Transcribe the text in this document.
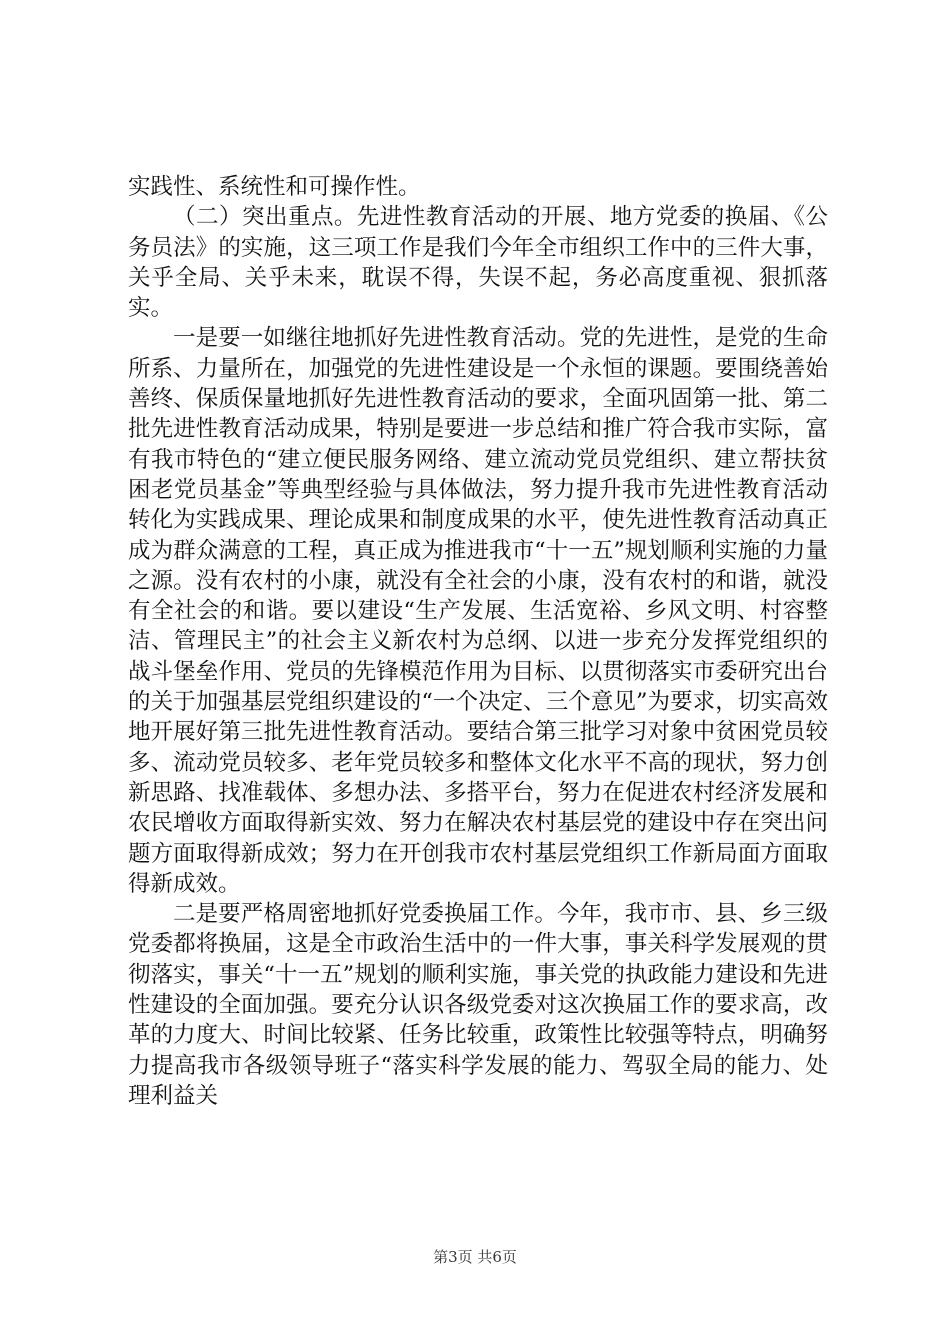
实践性、系统性和可操作性。

（二）突出重点。先进性教育活动的开展、地方党委的换届、《公务员法》的实施，这三项工作是我们今年全市组织工作中的三件大事，关乎全局、关乎未来，耽误不得，失误不起，务必高度重视、狠抓落实。

一是要一如继往地抓好先进性教育活动。党的先进性，是党的生命所系、力量所在，加强党的先进性建设是一个永恒的课题。要围绕善始善终、保质保量地抓好先进性教育活动的要求，全面巩固第一批、第二批先进性教育活动成果，特别是要进一步总结和推广符合我市实际，富有我市特色的“建立便民服务网络、建立流动党员党组织、建立帮扶贫困老党员基金”等典型经验与具体做法，努力提升我市先进性教育活动转化为实践成果、理论成果和制度成果的水平，使先进性教育活动真正成为群众满意的工程，真正成为推进我市“十一五”规划顺利实施的力量之源。没有农村的小康，就没有全社会的小康，没有农村的和谐，就没有全社会的和谐。要以建设“生产发展、生活宽裕、乡风文明、村容整洁、管理民主”的社会主义新农村为总纲、以进一步充分发挥党组织的战斗堡垒作用、党员的先锋模范作用为目标、以贯彻落实市委研究出台的关于加强基层党组织建设的“一个决定、三个意见”为要求，切实高效地开展好第三批先进性教育活动。要结合第三批学习对象中贫困党员较多、流动党员较多、老年党员较多和整体文化水平不高的现状，努力创新思路、找准载体、多想办法、多搭平台，努力在促进农村经济发展和农民增收方面取得新实效、努力在解决农村基层党的建设中存在突出问题方面取得新成效；努力在开创我市农村基层党组织工作新局面方面取得新成效。

二是要严格周密地抓好党委换届工作。今年，我市市、县、乡三级党委都将换届，这是全市政治生活中的一件大事，事关科学发展观的贯彻落实，事关“十一五”规划的顺利实施，事关党的执政能力建设和先进性建设的全面加强。要充分认识各级党委对这次换届工作的要求高，改革的力度大、时间比较紧、任务比较重，政策性比较强等特点，明确努力提高我市各级领导班子“落实科学发展的能力、驾驭全局的能力、处理利益关

第3页 共6页
